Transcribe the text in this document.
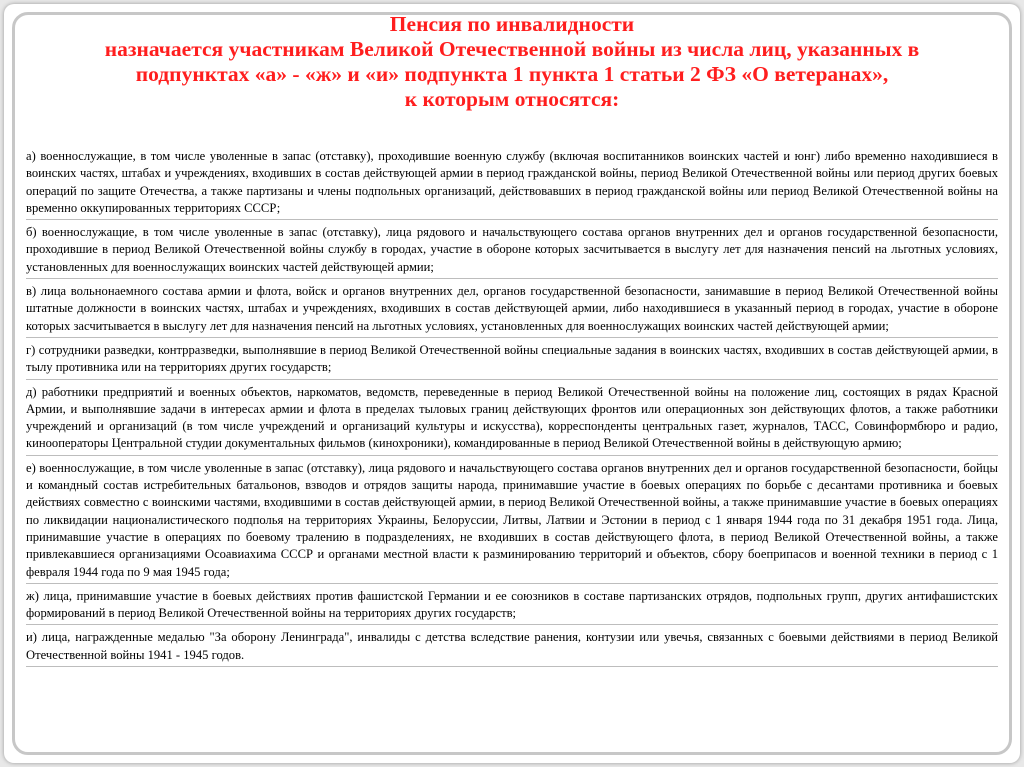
Пенсия по инвалидности
назначается участникам Великой Отечественной войны из числа лиц, указанных в
подпунктах «а» - «ж» и «и» подпункта 1 пункта 1 статьи 2 ФЗ «О ветеранах»,
к которым относятся:
а) военнослужащие, в том числе уволенные в запас (отставку), проходившие военную службу (включая воспитанников воинских частей и юнг) либо временно находившиеся в воинских частях, штабах и учреждениях, входивших в состав действующей армии в период гражданской войны, период Великой Отечественной войны или период других боевых операций по защите Отечества, а также партизаны и члены подпольных организаций, действовавших в период гражданской войны или период Великой Отечественной войны на временно оккупированных территориях СССР;
б) военнослужащие, в том числе уволенные в запас (отставку), лица рядового и начальствующего состава органов внутренних дел и органов государственной безопасности, проходившие в период Великой Отечественной войны службу в городах, участие в обороне которых засчитывается в выслугу лет для назначения пенсий на льготных условиях, установленных для военнослужащих воинских частей действующей армии;
в) лица вольнонаемного состава армии и флота, войск и органов внутренних дел, органов государственной безопасности, занимавшие в период Великой Отечественной войны штатные должности в воинских частях, штабах и учреждениях, входивших в состав действующей армии, либо находившиеся в указанный период в городах, участие в обороне которых засчитывается в выслугу лет для назначения пенсий на льготных условиях, установленных для военнослужащих воинских частей действующей армии;
г) сотрудники разведки, контрразведки, выполнявшие в период Великой Отечественной войны специальные задания в воинских частях, входивших в состав действующей армии, в тылу противника или на территориях других государств;
д) работники предприятий и военных объектов, наркоматов, ведомств, переведенные в период Великой Отечественной войны на положение лиц, состоящих в рядах Красной Армии, и выполнявшие задачи в интересах армии и флота в пределах тыловых границ действующих фронтов или операционных зон действующих флотов, а также работники учреждений и организаций (в том числе учреждений и организаций культуры и искусства), корреспонденты центральных газет, журналов, ТАСС, Совинформбюро и радио, кинооператоры Центральной студии документальных фильмов (кинохроники), командированные в период Великой Отечественной войны в действующую армию;
е) военнослужащие, в том числе уволенные в запас (отставку), лица рядового и начальствующего состава органов внутренних дел и органов государственной безопасности, бойцы и командный состав истребительных батальонов, взводов и отрядов защиты народа, принимавшие участие в боевых операциях по борьбе с десантами противника и боевых действиях совместно с воинскими частями, входившими в состав действующей армии, в период Великой Отечественной войны, а также принимавшие участие в боевых операциях по ликвидации националистического подполья на территориях Украины, Белоруссии, Литвы, Латвии и Эстонии в период с 1 января 1944 года по 31 декабря 1951 года. Лица, принимавшие участие в операциях по боевому тралению в подразделениях, не входивших в состав действующего флота, в период Великой Отечественной войны, а также привлекавшиеся организациями Осоавиахима СССР и органами местной власти к разминированию территорий и объектов, сбору боеприпасов и военной техники в период с 1 февраля 1944 года по 9 мая 1945 года;
ж) лица, принимавшие участие в боевых действиях против фашистской Германии и ее союзников в составе партизанских отрядов, подпольных групп, других антифашистских формирований в период Великой Отечественной войны на территориях других государств;
и) лица, награжденные медалью "За оборону Ленинграда", инвалиды с детства вследствие ранения, контузии или увечья, связанных с боевыми действиями в период Великой Отечественной войны 1941 - 1945 годов.
